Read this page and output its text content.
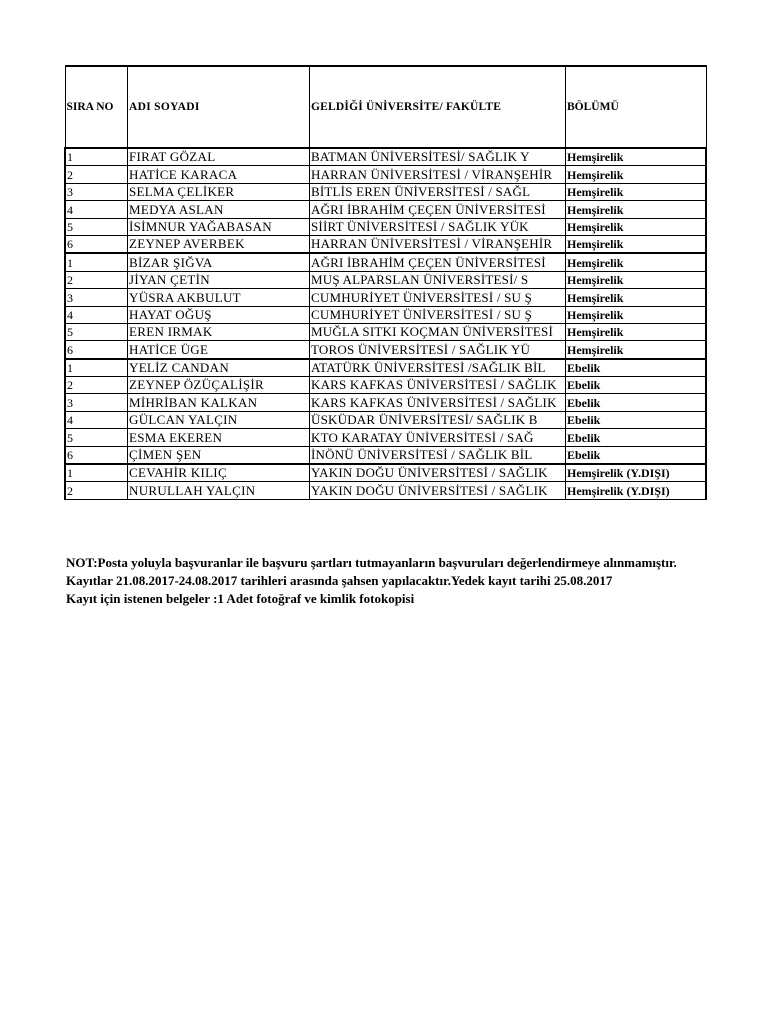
SIRA NO	ADI SOYADI	GELDİĞİ ÜNİVERSİTE/ FAKÜLTE	BÖLÜMÜ
1	FIRAT GÖZAL	BATMAN ÜNİVERSİTESİ/ SAĞLIK Y	Hemşirelik
2	HATİCE KARACA	HARRAN ÜNİVERSİTESİ / VİRANŞEHİR	Hemşirelik
3	SELMA ÇELİKER	BİTLİS EREN ÜNİVERSİTESİ / SAĞL	Hemşirelik
4	MEDYA ASLAN	AĞRI İBRAHİM ÇEÇEN ÜNİVERSİTESİ	Hemşirelik
5	İSİMNUR YAĞABASAN	SİİRT ÜNİVERSİTESİ / SAĞLIK YÜK	Hemşirelik
6	ZEYNEP AVERBEK	HARRAN ÜNİVERSİTESİ / VİRANŞEHİR	Hemşirelik
1	BİZAR ŞIĞVA	AĞRI İBRAHİM ÇEÇEN ÜNİVERSİTESİ	Hemşirelik
2	JİYAN ÇETİN	MUŞ ALPARSLAN ÜNİVERSİTESİ/ S	Hemşirelik
3	YÜSRA AKBULUT	CUMHURİYET ÜNİVERSİTESİ / SU Ş	Hemşirelik
4	HAYAT OĞUŞ	CUMHURİYET ÜNİVERSİTESİ / SU Ş	Hemşirelik
5	EREN IRMAK	MUĞLA SITKI KOÇMAN ÜNİVERSİTESİ	Hemşirelik
6	HATİCE ÜGE	TOROS ÜNİVERSİTESİ / SAĞLIK YÜ	Hemşirelik
1	YELİZ CANDAN	ATATÜRK ÜNİVERSİTESİ /SAĞLIK BİL	Ebelik
2	ZEYNEP ÖZÜÇALİŞİR	KARS KAFKAS ÜNİVERSİTESİ / SAĞLIK	Ebelik
3	MİHRİBAN KALKAN	KARS KAFKAS ÜNİVERSİTESİ / SAĞLIK	Ebelik
4	GÜLCAN YALÇIN	ÜSKÜDAR ÜNİVERSİTESİ/ SAĞLIK B	Ebelik
5	ESMA EKEREN	KTO KARATAY ÜNİVERSİTESİ / SAĞ	Ebelik
6	ÇİMEN ŞEN	İNÖNÜ ÜNİVERSİTESİ / SAĞLIK BİL	Ebelik
1	CEVAHİR KILIÇ	YAKIN DOĞU ÜNİVERSİTESİ / SAĞLIK	Hemşirelik (Y.DIŞI)
2	NURULLAH YALÇIN	YAKIN DOĞU ÜNİVERSİTESİ / SAĞLIK	Hemşirelik (Y.DIŞI)
NOT:Posta yoluyla başvuranlar ile başvuru şartları tutmayanların başvuruları değerlendirmeye alınmamıştır.
Kayıtlar 21.08.2017-24.08.2017 tarihleri arasında şahsen yapılacaktır.Yedek kayıt tarihi 25.08.2017
Kayıt için istenen belgeler :1 Adet fotoğraf ve kimlik fotokopisi
